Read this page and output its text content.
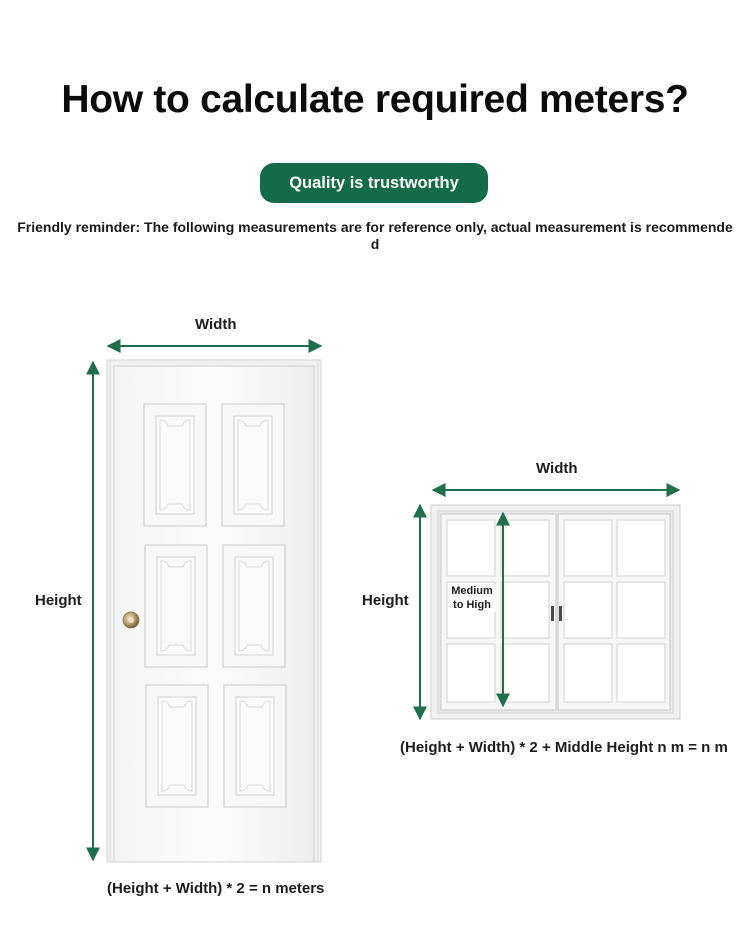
How to calculate required meters?
Quality is trustworthy
Friendly reminder: The following measurements are for reference only, actual measurement is recommended
Width
Height
(Height + Width) * 2 = n meters
Width
Height
Medium to High
(Height + Width) * 2 + Middle Height n m = n m
